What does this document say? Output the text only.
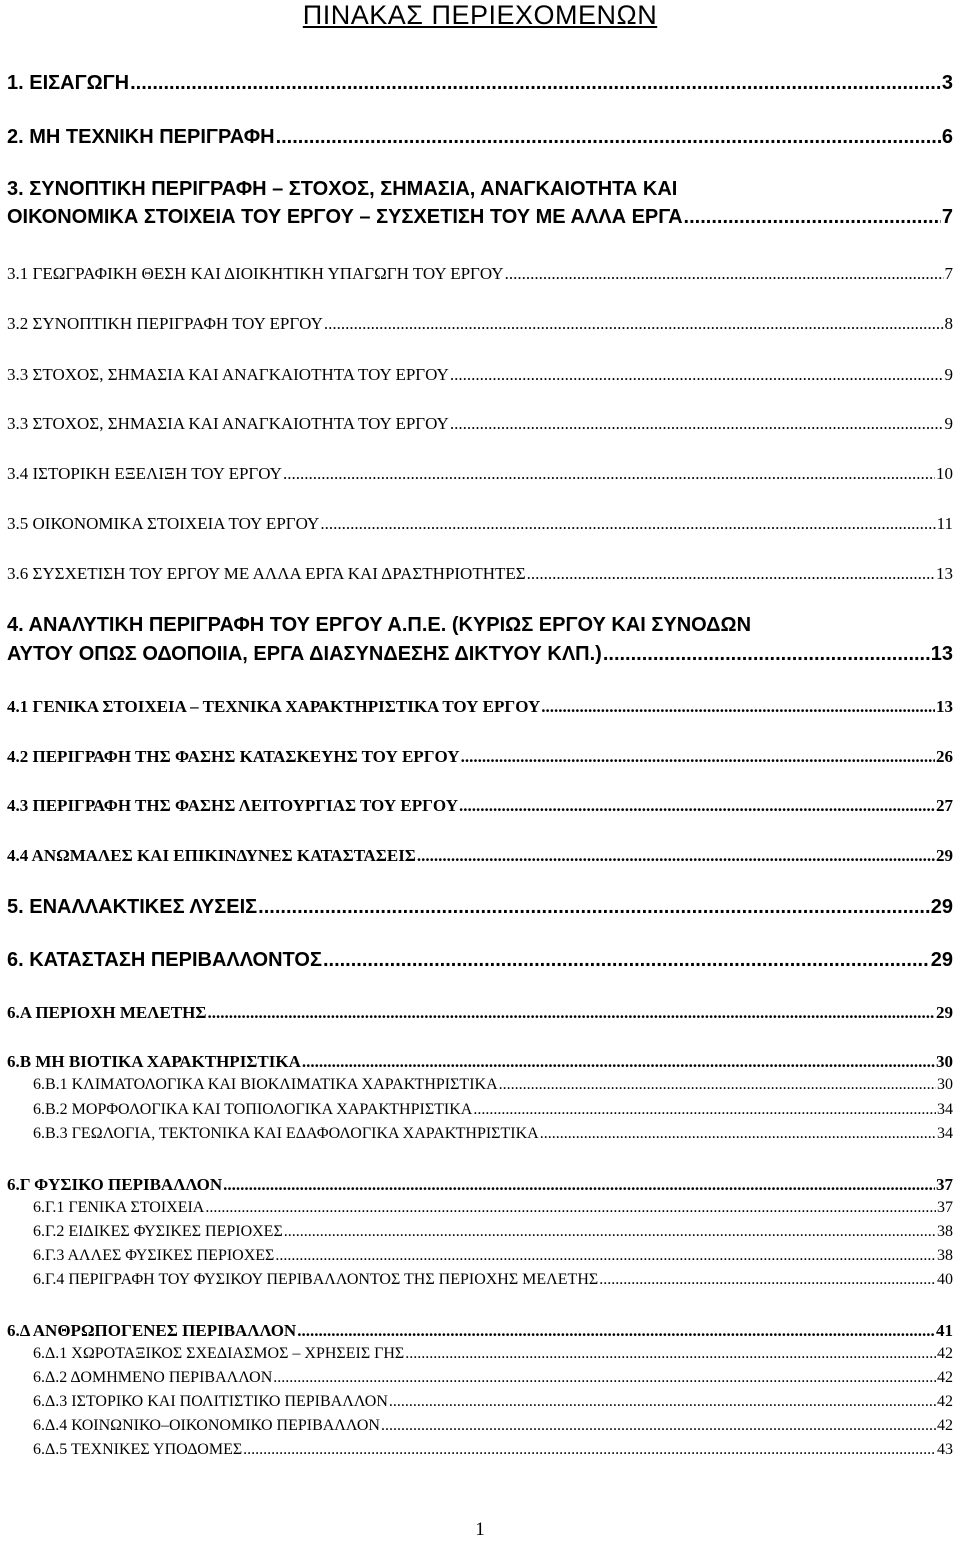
ΠΙΝΑΚΑΣ ΠΕΡΙΕΧΟΜΕΝΩΝ
1. ΕΙΣΑΓΩΓΗ .....	3
2. ΜΗ ΤΕΧΝΙΚΗ ΠΕΡΙΓΡΑΦΗ .....	6
3. ΣΥΝΟΠΤΙΚΗ ΠΕΡΙΓΡΑΦΗ – ΣΤΟΧΟΣ, ΣΗΜΑΣΙΑ, ΑΝΑΓΚΑΙΟΤΗΤΑ ΚΑΙ
ΟΙΚΟΝΟΜΙΚΑ ΣΤΟΙΧΕΙΑ ΤΟΥ ΕΡΓΟΥ – ΣΥΣΧΕΤΙΣΗ ΤΟΥ ΜΕ ΑΛΛΑ ΕΡΓΑ .....	7
3.1 ΓΕΩΓΡΑΦΙΚΗ ΘΕΣΗ ΚΑΙ ΔΙΟΙΚΗΤΙΚΗ ΥΠΑΓΩΓΗ ΤΟΥ ΕΡΓΟΥ .....	7
3.2 ΣΥΝΟΠΤΙΚΗ ΠΕΡΙΓΡΑΦΗ ΤΟΥ ΕΡΓΟΥ .....	8
3.3 ΣΤΟΧΟΣ, ΣΗΜΑΣΙΑ ΚΑΙ ΑΝΑΓΚΑΙΟΤΗΤΑ ΤΟΥ ΕΡΓΟΥ .....	9
3.3 ΣΤΟΧΟΣ, ΣΗΜΑΣΙΑ ΚΑΙ ΑΝΑΓΚΑΙΟΤΗΤΑ ΤΟΥ ΕΡΓΟΥ .....	9
3.4 ΙΣΤΟΡΙΚΗ ΕΞΕΛΙΞΗ ΤΟΥ ΕΡΓΟΥ .....	10
3.5 ΟΙΚΟΝΟΜΙΚΑ ΣΤΟΙΧΕΙΑ ΤΟΥ ΕΡΓΟΥ .....	11
3.6 ΣΥΣΧΕΤΙΣΗ ΤΟΥ ΕΡΓΟΥ ΜΕ ΑΛΛΑ ΕΡΓΑ ΚΑΙ ΔΡΑΣΤΗΡΙΟΤΗΤΕΣ .....	13
4. ΑΝΑΛΥΤΙΚΗ ΠΕΡΙΓΡΑΦΗ ΤΟΥ ΕΡΓΟΥ Α.Π.Ε. (ΚΥΡΙΩΣ ΕΡΓΟΥ ΚΑΙ ΣΥΝΟΔΩΝ
ΑΥΤΟΥ ΟΠΩΣ ΟΔΟΠΟΙΙΑ, ΕΡΓΑ ΔΙΑΣΥΝΔΕΣΗΣ ΔΙΚΤΥΟΥ ΚΛΠ.) .....	13
4.1 ΓΕΝΙΚΑ ΣΤΟΙΧΕΙΑ – ΤΕΧΝΙΚΑ ΧΑΡΑΚΤΗΡΙΣΤΙΚΑ ΤΟΥ ΕΡΓΟΥ .....	13
4.2 ΠΕΡΙΓΡΑΦΗ ΤΗΣ ΦΑΣΗΣ ΚΑΤΑΣΚΕΥΗΣ ΤΟΥ ΕΡΓΟΥ .....	26
4.3 ΠΕΡΙΓΡΑΦΗ ΤΗΣ ΦΑΣΗΣ ΛΕΙΤΟΥΡΓΙΑΣ ΤΟΥ ΕΡΓΟΥ .....	27
4.4 ΑΝΩΜΑΛΕΣ ΚΑΙ ΕΠΙΚΙΝΔΥΝΕΣ ΚΑΤΑΣΤΑΣΕΙΣ .....	29
5. ΕΝΑΛΛΑΚΤΙΚΕΣ ΛΥΣΕΙΣ .....	29
6. ΚΑΤΑΣΤΑΣΗ ΠΕΡΙΒΑΛΛΟΝΤΟΣ .....	29
6.Α ΠΕΡΙΟΧΗ ΜΕΛΕΤΗΣ .....	29
6.Β ΜΗ ΒΙΟΤΙΚΑ ΧΑΡΑΚΤΗΡΙΣΤΙΚΑ .....	30
6.Β.1 ΚΛΙΜΑΤΟΛΟΓΙΚΑ ΚΑΙ ΒΙΟΚΛΙΜΑΤΙΚΑ ΧΑΡΑΚΤΗΡΙΣΤΙΚΑ .....	30
6.Β.2 ΜΟΡΦΟΛΟΓΙΚΑ ΚΑΙ ΤΟΠΙΟΛΟΓΙΚΑ ΧΑΡΑΚΤΗΡΙΣΤΙΚΑ .....	34
6.Β.3 ΓΕΩΛΟΓΙΑ, ΤΕΚΤΟΝΙΚΑ ΚΑΙ ΕΔΑΦΟΛΟΓΙΚΑ ΧΑΡΑΚΤΗΡΙΣΤΙΚΑ .....	34
6.Γ ΦΥΣΙΚΟ ΠΕΡΙΒΑΛΛΟΝ .....	37
6.Γ.1 ΓΕΝΙΚΑ ΣΤΟΙΧΕΙΑ .....	37
6.Γ.2 ΕΙΔΙΚΕΣ ΦΥΣΙΚΕΣ ΠΕΡΙΟΧΕΣ .....	38
6.Γ.3 ΑΛΛΕΣ ΦΥΣΙΚΕΣ ΠΕΡΙΟΧΕΣ .....	38
6.Γ.4 ΠΕΡΙΓΡΑΦΗ ΤΟΥ ΦΥΣΙΚΟΥ ΠΕΡΙΒΑΛΛΟΝΤΟΣ ΤΗΣ ΠΕΡΙΟΧΗΣ ΜΕΛΕΤΗΣ .....	40
6.Δ ΑΝΘΡΩΠΟΓΕΝΕΣ ΠΕΡΙΒΑΛΛΟΝ .....	41
6.Δ.1 ΧΩΡΟΤΑΞΙΚΟΣ ΣΧΕΔΙΑΣΜΟΣ – ΧΡΗΣΕΙΣ ΓΗΣ .....	42
6.Δ.2 ΔΟΜΗΜΕΝΟ ΠΕΡΙΒΑΛΛΟΝ .....	42
6.Δ.3 ΙΣΤΟΡΙΚΟ ΚΑΙ ΠΟΛΙΤΙΣΤΙΚΟ ΠΕΡΙΒΑΛΛΟΝ .....	42
6.Δ.4 ΚΟΙΝΩΝΙΚΟ–ΟΙΚΟΝΟΜΙΚΟ ΠΕΡΙΒΑΛΛΟΝ .....	42
6.Δ.5 ΤΕΧΝΙΚΕΣ ΥΠΟΔΟΜΕΣ .....	43
1
